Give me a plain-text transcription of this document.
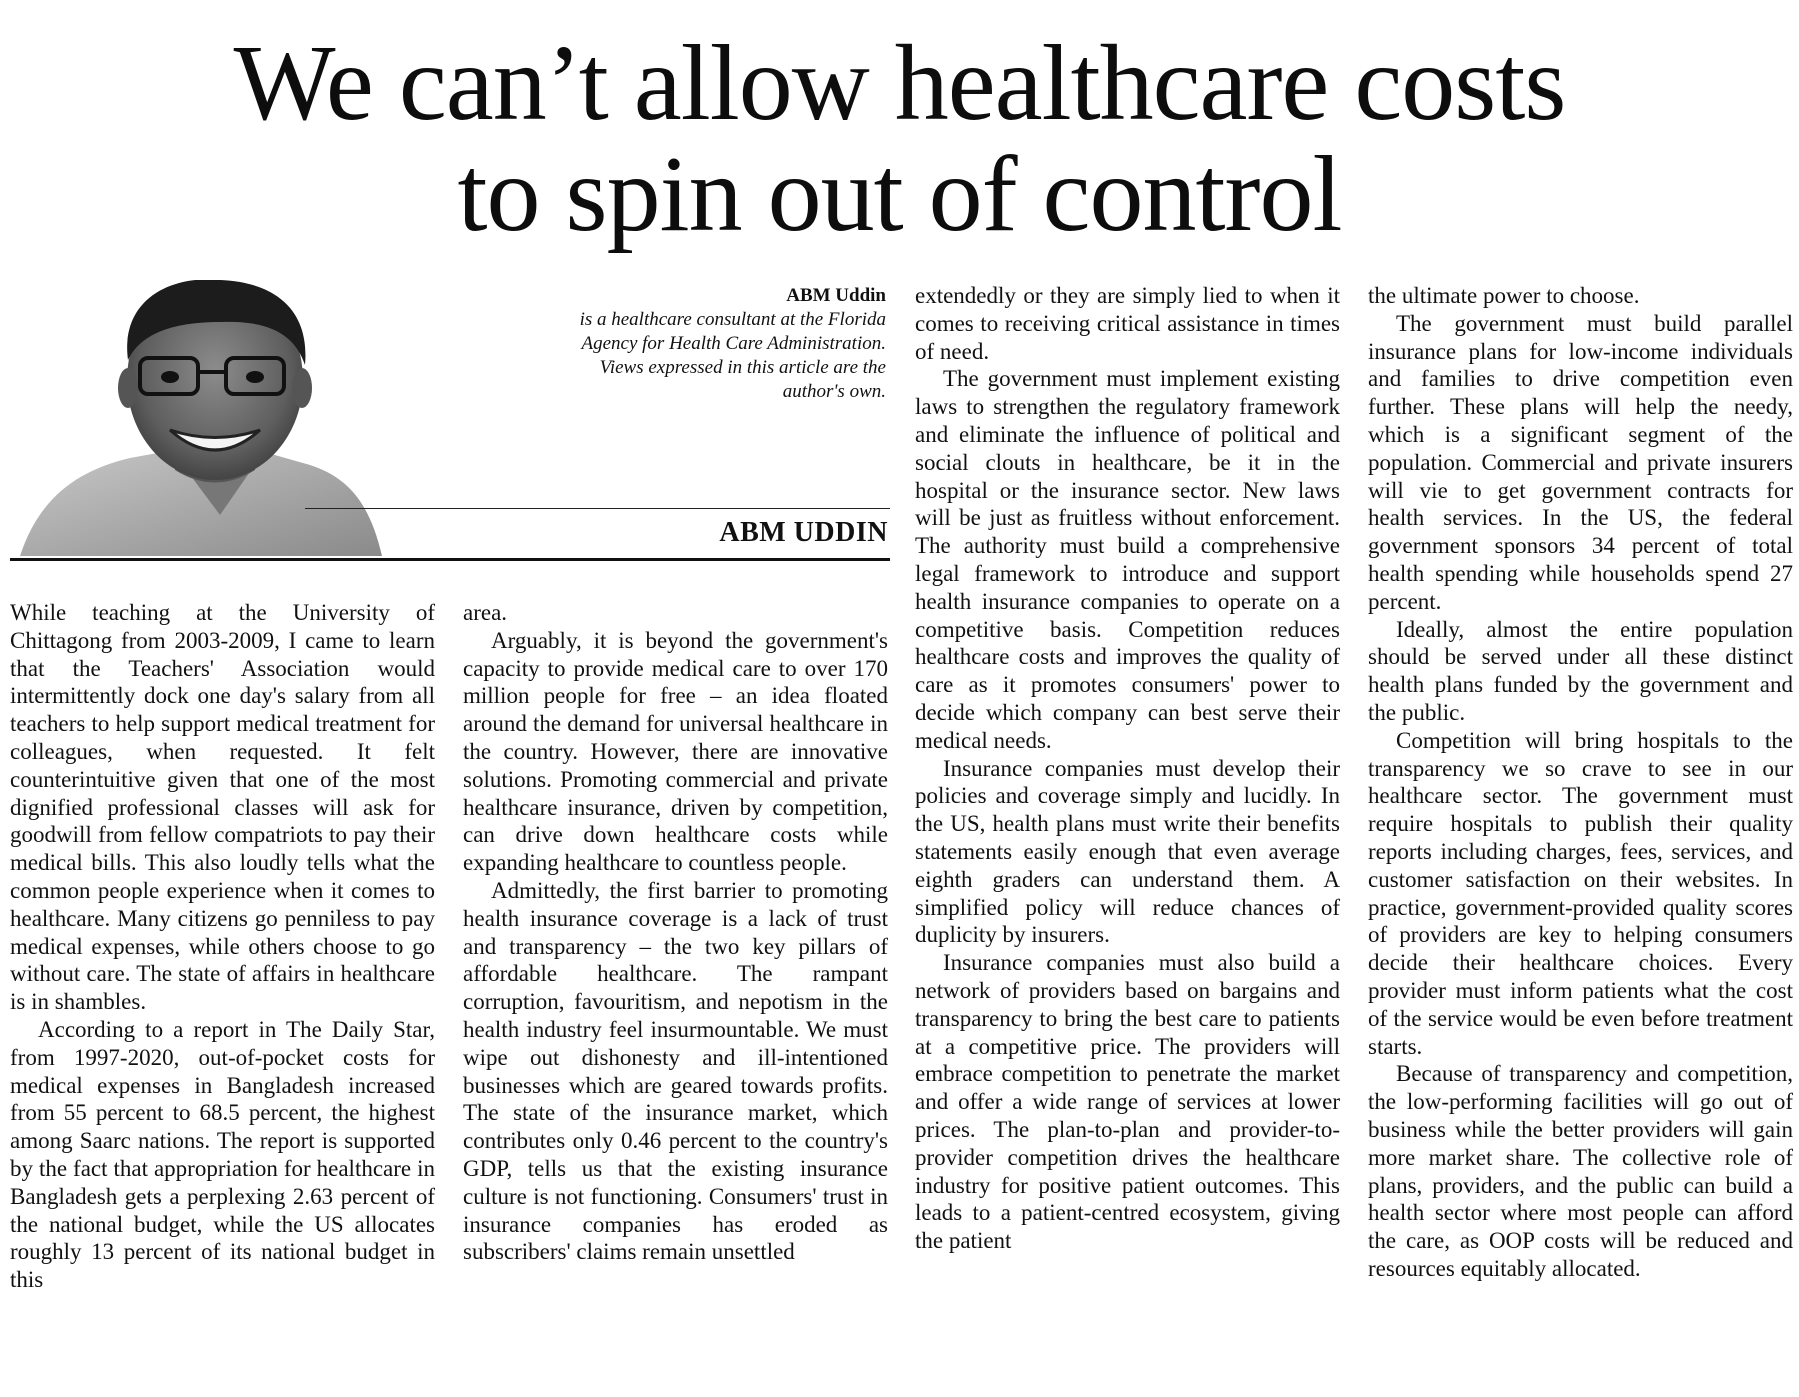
We can’t allow healthcare costs
to spin out of control
ABM Uddin
is a healthcare consultant at the Florida Agency for Health Care Administration. Views expressed in this article are the author's own.
ABM UDDIN

While teaching at the University of Chittagong from 2003-2009, I came to learn that the Teachers' Association would intermittently dock one day's salary from all teachers to help support medical treatment for colleagues, when requested. It felt counterintuitive given that one of the most dignified professional classes will ask for goodwill from fellow compatriots to pay their medical bills. This also loudly tells what the common people experience when it comes to healthcare. Many citizens go penniless to pay medical expenses, while others choose to go without care. The state of affairs in healthcare is in shambles.

According to a report in The Daily Star, from 1997-2020, out-of-pocket costs for medical expenses in Bangladesh increased from 55 percent to 68.5 percent, the highest among Saarc nations. The report is supported by the fact that appropriation for healthcare in Bangladesh gets a perplexing 2.63 percent of the national budget, while the US allocates roughly 13 percent of its national budget in this

area.

Arguably, it is beyond the government's capacity to provide medical care to over 170 million people for free – an idea floated around the demand for universal healthcare in the country. However, there are innovative solutions. Promoting commercial and private healthcare insurance, driven by competition, can drive down healthcare costs while expanding healthcare to countless people.

Admittedly, the first barrier to promoting health insurance coverage is a lack of trust and transparency – the two key pillars of affordable healthcare. The rampant corruption, favouritism, and nepotism in the health industry feel insurmountable. We must wipe out dishonesty and ill-intentioned businesses which are geared towards profits. The state of the insurance market, which contributes only 0.46 percent to the country's GDP, tells us that the existing insurance culture is not functioning. Consumers' trust in insurance companies has eroded as subscribers' claims remain unsettled

extendedly or they are simply lied to when it comes to receiving critical assistance in times of need.

The government must implement existing laws to strengthen the regulatory framework and eliminate the influence of political and social clouts in healthcare, be it in the hospital or the insurance sector. New laws will be just as fruitless without enforcement. The authority must build a comprehensive legal framework to introduce and support health insurance companies to operate on a competitive basis. Competition reduces healthcare costs and improves the quality of care as it promotes consumers' power to decide which company can best serve their medical needs.

Insurance companies must develop their policies and coverage simply and lucidly. In the US, health plans must write their benefits statements easily enough that even average eighth graders can understand them. A simplified policy will reduce chances of duplicity by insurers.

Insurance companies must also build a network of providers based on bargains and transparency to bring the best care to patients at a competitive price. The providers will embrace competition to penetrate the market and offer a wide range of services at lower prices. The plan-to-plan and provider-to-provider competition drives the healthcare industry for positive patient outcomes. This leads to a patient-centred ecosystem, giving the patient

the ultimate power to choose.

The government must build parallel insurance plans for low-income individuals and families to drive competition even further. These plans will help the needy, which is a significant segment of the population. Commercial and private insurers will vie to get government contracts for health services. In the US, the federal government sponsors 34 percent of total health spending while households spend 27 percent.

Ideally, almost the entire population should be served under all these distinct health plans funded by the government and the public.

Competition will bring hospitals to the transparency we so crave to see in our healthcare sector. The government must require hospitals to publish their quality reports including charges, fees, services, and customer satisfaction on their websites. In practice, government-provided quality scores of providers are key to helping consumers decide their healthcare choices. Every provider must inform patients what the cost of the service would be even before treatment starts.

Because of transparency and competition, the low-performing facilities will go out of business while the better providers will gain more market share. The collective role of plans, providers, and the public can build a health sector where most people can afford the care, as OOP costs will be reduced and resources equitably allocated.
